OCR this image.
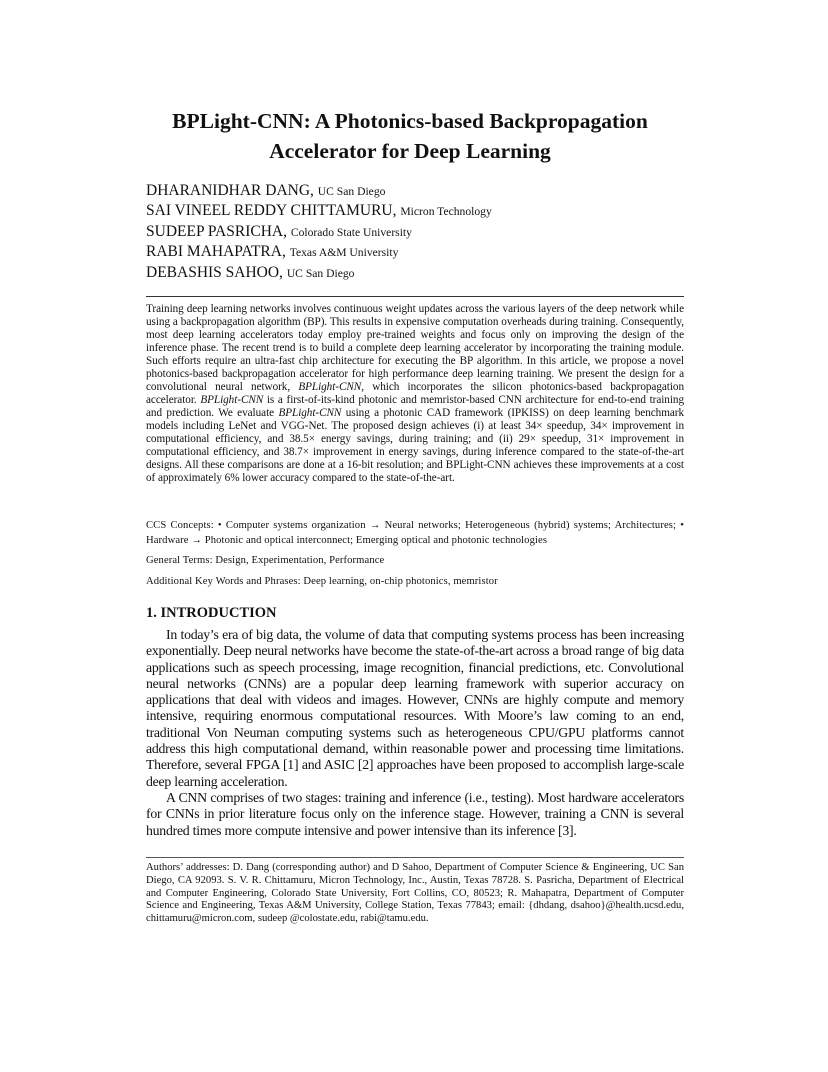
BPLight-CNN: A Photonics-based Backpropagation
Accelerator for Deep Learning
DHARANIDHAR DANG, UC San Diego
SAI VINEEL REDDY CHITTAMURU, Micron Technology
SUDEEP PASRICHA, Colorado State University
RABI MAHAPATRA, Texas A&M University
DEBASHIS SAHOO, UC San Diego
Training deep learning networks involves continuous weight updates across the various layers of the deep network while using a backpropagation algorithm (BP). This results in expensive computation overheads during training. Consequently, most deep learning accelerators today employ pre-trained weights and focus only on improving the design of the inference phase. The recent trend is to build a complete deep learning accelerator by incorporating the training module. Such efforts require an ultra-fast chip architecture for executing the BP algorithm. In this article, we propose a novel photonics-based backpropagation accelerator for high performance deep learning training. We present the design for a convolutional neural network, BPLight-CNN, which incorporates the silicon photonics-based backpropagation accelerator. BPLight-CNN is a first-of-its-kind photonic and memristor-based CNN architecture for end-to-end training and prediction. We evaluate BPLight-CNN using a photonic CAD framework (IPKISS) on deep learning benchmark models including LeNet and VGG-Net. The proposed design achieves (i) at least 34× speedup, 34× improvement in computational efficiency, and 38.5× energy savings, during training; and (ii) 29× speedup, 31× improvement in computational efficiency, and 38.7× improvement in energy savings, during inference compared to the state-of-the-art designs. All these comparisons are done at a 16-bit resolution; and BPLight-CNN achieves these improvements at a cost of approximately 6% lower accuracy compared to the state-of-the-art.
CCS Concepts: • Computer systems organization → Neural networks; Heterogeneous (hybrid) systems; Architectures; • Hardware → Photonic and optical interconnect; Emerging optical and photonic technologies
General Terms: Design, Experimentation, Performance
Additional Key Words and Phrases: Deep learning, on-chip photonics, memristor
1. INTRODUCTION

In today’s era of big data, the volume of data that computing systems process has been increasing exponentially. Deep neural networks have become the state-of-the-art across a broad range of big data applications such as speech processing, image recognition, financial predictions, etc. Convolutional neural networks (CNNs) are a popular deep learning framework with superior accuracy on applications that deal with videos and images. However, CNNs are highly compute and memory intensive, requiring enormous computational resources. With Moore’s law coming to an end, traditional Von Neuman computing systems such as heterogeneous CPU/GPU platforms cannot address this high computational demand, within reasonable power and processing time limitations. Therefore, several FPGA [1] and ASIC [2] approaches have been proposed to accomplish large-scale deep learning acceleration.

A CNN comprises of two stages: training and inference (i.e., testing). Most hardware accelerators for CNNs in prior literature focus only on the inference stage. However, training a CNN is several hundred times more compute intensive and power intensive than its inference [3].

Authors’ addresses: D. Dang (corresponding author) and D Sahoo, Department of Computer Science & Engineering, UC San Diego, CA 92093. S. V. R. Chittamuru, Micron Technology, Inc., Austin, Texas 78728. S. Pasricha, Department of Electrical and Computer Engineering, Colorado State University, Fort Collins, CO, 80523; R. Mahapatra, Department of Computer Science and Engineering, Texas A&M University, College Station, Texas 77843; email: {dhdang, dsahoo}@health.ucsd.edu, chittamuru@micron.com, sudeep @colostate.edu, rabi@tamu.edu.
